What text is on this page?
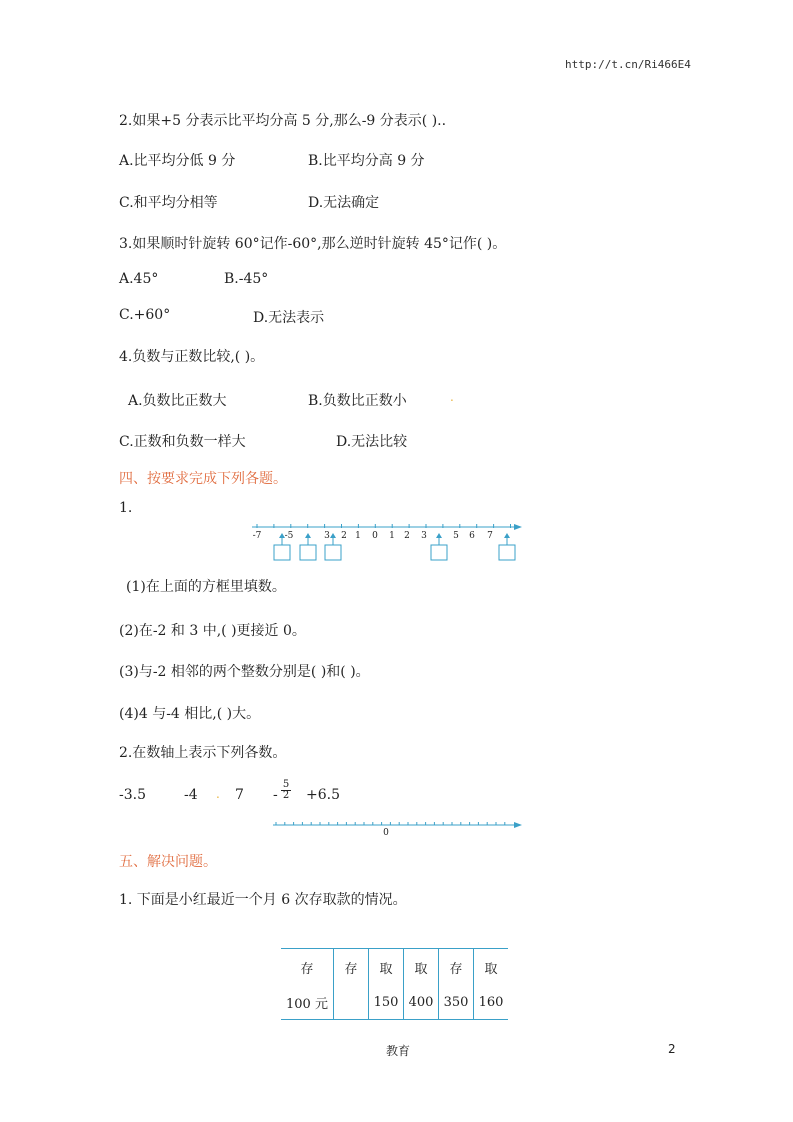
http://t.cn/Ri466E4
2.如果+5 分表示比平均分高 5 分,那么-9 分表示( )..
A.比平均分低 9 分	B.比平均分高 9 分
C.和平均分相等	D.无法确定
3.如果顺时针旋转 60°记作-60°,那么逆时针旋转 45°记作( )。
A.45°	B.-45°
C.+60°	D.无法表示
4.负数与正数比较,( )。
A.负数比正数大	B.负数比正数小	.
C.正数和负数一样大	D.无法比较
四、按要求完成下列各题。
1.
-7	-5	3 2 1 0 1 2 3	5 6 7
(1)在上面的方框里填数。
(2)在-2 和 3 中,( )更接近 0。
(3)与-2 相邻的两个整数分别是( )和( )。
(4)4 与-4 相比,( )大。
2.在数轴上表示下列各数。
-3.5	-4 . $7 - \frac{5}{2} +6.5$
0
五、解决问题。
1. 下面是小红最近一个月 6 次存取款的情况。
存	存	取	取	存	取
100 元		150	400	350	160
教育	2
